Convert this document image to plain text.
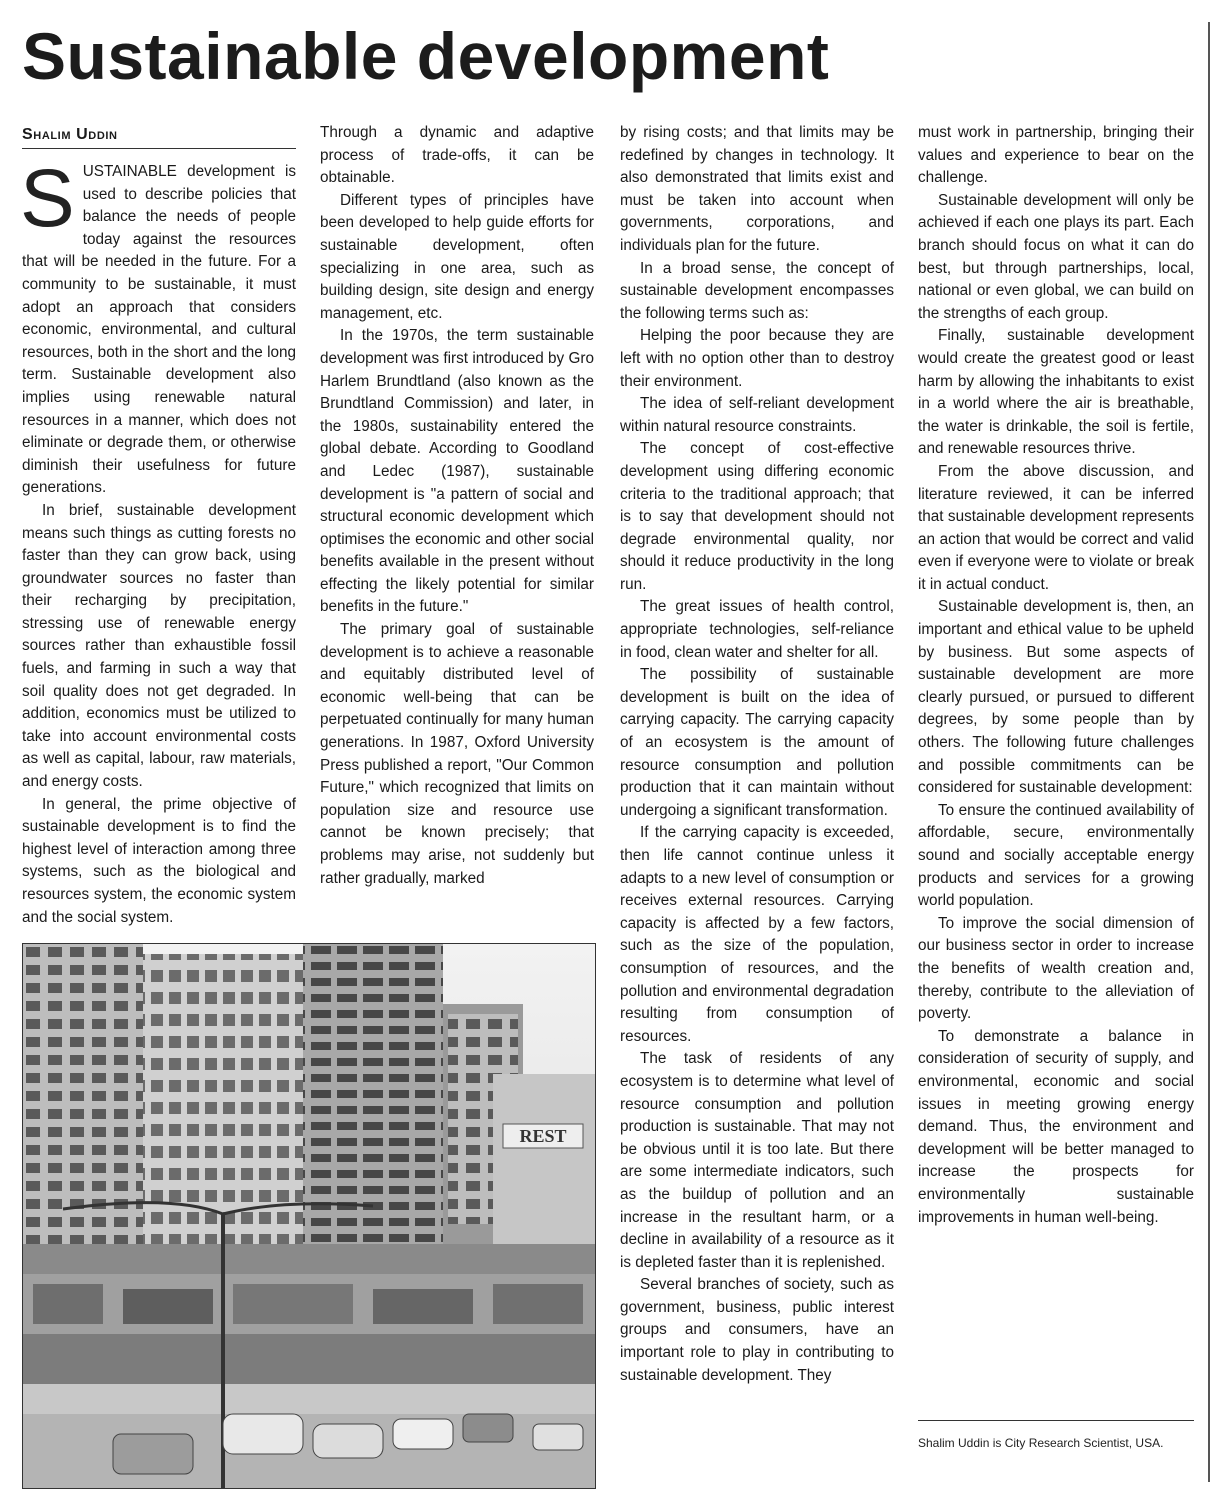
Sustainable development
Shalim Uddin

SUSTAINABLE development is used to describe policies that balance the needs of people today against the resources that will be needed in the future. For a community to be sustainable, it must adopt an approach that considers economic, environmental, and cultural resources, both in the short and the long term. Sustainable development also implies using renewable natural resources in a manner, which does not eliminate or degrade them, or otherwise diminish their usefulness for future generations.

In brief, sustainable development means such things as cutting forests no faster than they can grow back, using groundwater sources no faster than their recharging by precipitation, stressing use of renewable energy sources rather than exhaustible fossil fuels, and farming in such a way that soil quality does not get degraded. In addition, economics must be utilized to take into account environmental costs as well as capital, labour, raw materials, and energy costs.

In general, the prime objective of sustainable development is to find the highest level of interaction among three systems, such as the biological and resources system, the economic system and the social system.

Through a dynamic and adaptive process of trade-offs, it can be obtainable.

Different types of principles have been developed to help guide efforts for sustainable development, often specializing in one area, such as building design, site design and energy management, etc.

In the 1970s, the term sustainable development was first introduced by Gro Harlem Brundtland (also known as the Brundtland Commission) and later, in the 1980s, sustainability entered the global debate. According to Goodland and Ledec (1987), sustainable development is "a pattern of social and structural economic development which optimises the economic and other social benefits available in the present without effecting the likely potential for similar benefits in the future."

The primary goal of sustainable development is to achieve a reasonable and equitably distributed level of economic well-being that can be perpetuated continually for many human generations. In 1987, Oxford University Press published a report, "Our Common Future," which recognized that limits on population size and resource use cannot be known precisely; that problems may arise, not suddenly but rather gradually, marked

by rising costs; and that limits may be redefined by changes in technology. It also demonstrated that limits exist and must be taken into account when governments, corporations, and individuals plan for the future.

In a broad sense, the concept of sustainable development encompasses the following terms such as:

Helping the poor because they are left with no option other than to destroy their environment.

The idea of self-reliant development within natural resource constraints.

The concept of cost-effective development using differing economic criteria to the traditional approach; that is to say that development should not degrade environmental quality, nor should it reduce productivity in the long run.

The great issues of health control, appropriate technologies, self-reliance in food, clean water and shelter for all.

The possibility of sustainable development is built on the idea of carrying capacity. The carrying capacity of an ecosystem is the amount of resource consumption and pollution production that it can maintain without undergoing a significant transformation.

If the carrying capacity is exceeded, then life cannot continue unless it adapts to a new level of consumption or receives external resources. Carrying capacity is affected by a few factors, such as the size of the population, consumption of resources, and the pollution and environmental degradation resulting from consumption of resources.

The task of residents of any ecosystem is to determine what level of resource consumption and pollution production is sustainable. That may not be obvious until it is too late. But there are some intermediate indicators, such as the buildup of pollution and an increase in the resultant harm, or a decline in availability of a resource as it is depleted faster than it is replenished.

Several branches of society, such as government, business, public interest groups and consumers, have an important role to play in contributing to sustainable development. They

must work in partnership, bringing their values and experience to bear on the challenge.

Sustainable development will only be achieved if each one plays its part. Each branch should focus on what it can do best, but through partnerships, local, national or even global, we can build on the strengths of each group.

Finally, sustainable development would create the greatest good or least harm by allowing the inhabitants to exist in a world where the air is breathable, the water is drinkable, the soil is fertile, and renewable resources thrive.

From the above discussion, and literature reviewed, it can be inferred that sustainable development represents an action that would be correct and valid even if everyone were to violate or break it in actual conduct.

Sustainable development is, then, an important and ethical value to be upheld by business. But some aspects of sustainable development are more clearly pursued, or pursued to different degrees, by some people than by others. The following future challenges and possible commitments can be considered for sustainable development:

To ensure the continued availability of affordable, secure, environmentally sound and socially acceptable energy products and services for a growing world population.

To improve the social dimension of our business sector in order to increase the benefits of wealth creation and, thereby, contribute to the alleviation of poverty.

To demonstrate a balance in consideration of security of supply, and environmental, economic and social issues in meeting growing energy demand. Thus, the environment and development will be better managed to increase the prospects for environmentally sustainable improvements in human well-being.

Shalim Uddin is City Research Scientist, USA.
REST
